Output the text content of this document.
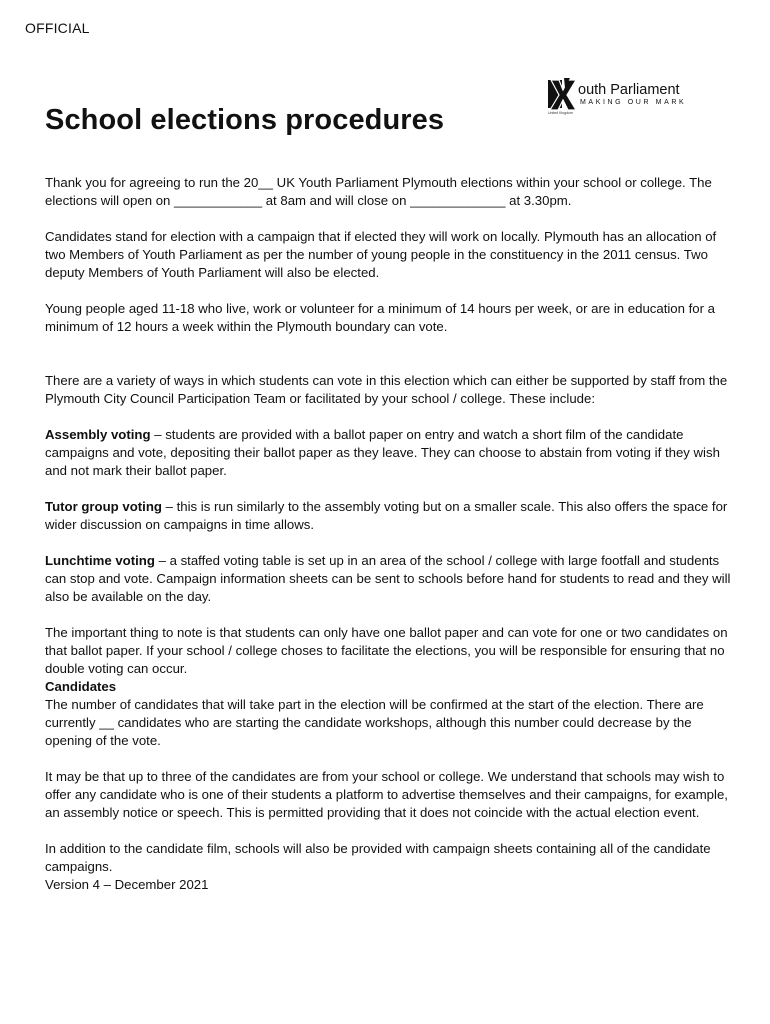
OFFICIAL
outh Parliament
MAKING OUR MARK
United Kingdom
School elections procedures

Thank you for agreeing to run the 20__ UK Youth Parliament Plymouth elections within your school or college. The elections will open on ____________ at 8am and will close on _____________ at 3.30pm.

Candidates stand for election with a campaign that if elected they will work on locally. Plymouth has an allocation of two Members of Youth Parliament as per the number of young people in the constituency in the 2011 census. Two deputy Members of Youth Parliament will also be elected.

Young people aged 11-18 who live, work or volunteer for a minimum of 14 hours per week, or are in education for a minimum of 12 hours a week within the Plymouth boundary can vote.

There are a variety of ways in which students can vote in this election which can either be supported by staff from the Plymouth City Council Participation Team or facilitated by your school / college. These include:

Assembly voting – students are provided with a ballot paper on entry and watch a short film of the candidate campaigns and vote, depositing their ballot paper as they leave. They can choose to abstain from voting if they wish and not mark their ballot paper.

Tutor group voting – this is run similarly to the assembly voting but on a smaller scale. This also offers the space for wider discussion on campaigns in time allows.

Lunchtime voting – a staffed voting table is set up in an area of the school / college with large footfall and students can stop and vote. Campaign information sheets can be sent to schools before hand for students to read and they will also be available on the day.

The important thing to note is that students can only have one ballot paper and can vote for one or two candidates on that ballot paper. If your school / college choses to facilitate the elections, you will be responsible for ensuring that no double voting can occur.

Candidates

The number of candidates that will take part in the election will be confirmed at the start of the election. There are currently __ candidates who are starting the candidate workshops, although this number could decrease by the opening of the vote.

It may be that up to three of the candidates are from your school or college. We understand that schools may wish to offer any candidate who is one of their students a platform to advertise themselves and their campaigns, for example, an assembly notice or speech. This is permitted providing that it does not coincide with the actual election event.

In addition to the candidate film, schools will also be provided with campaign sheets containing all of the candidate campaigns.

Version 4 – December 2021
